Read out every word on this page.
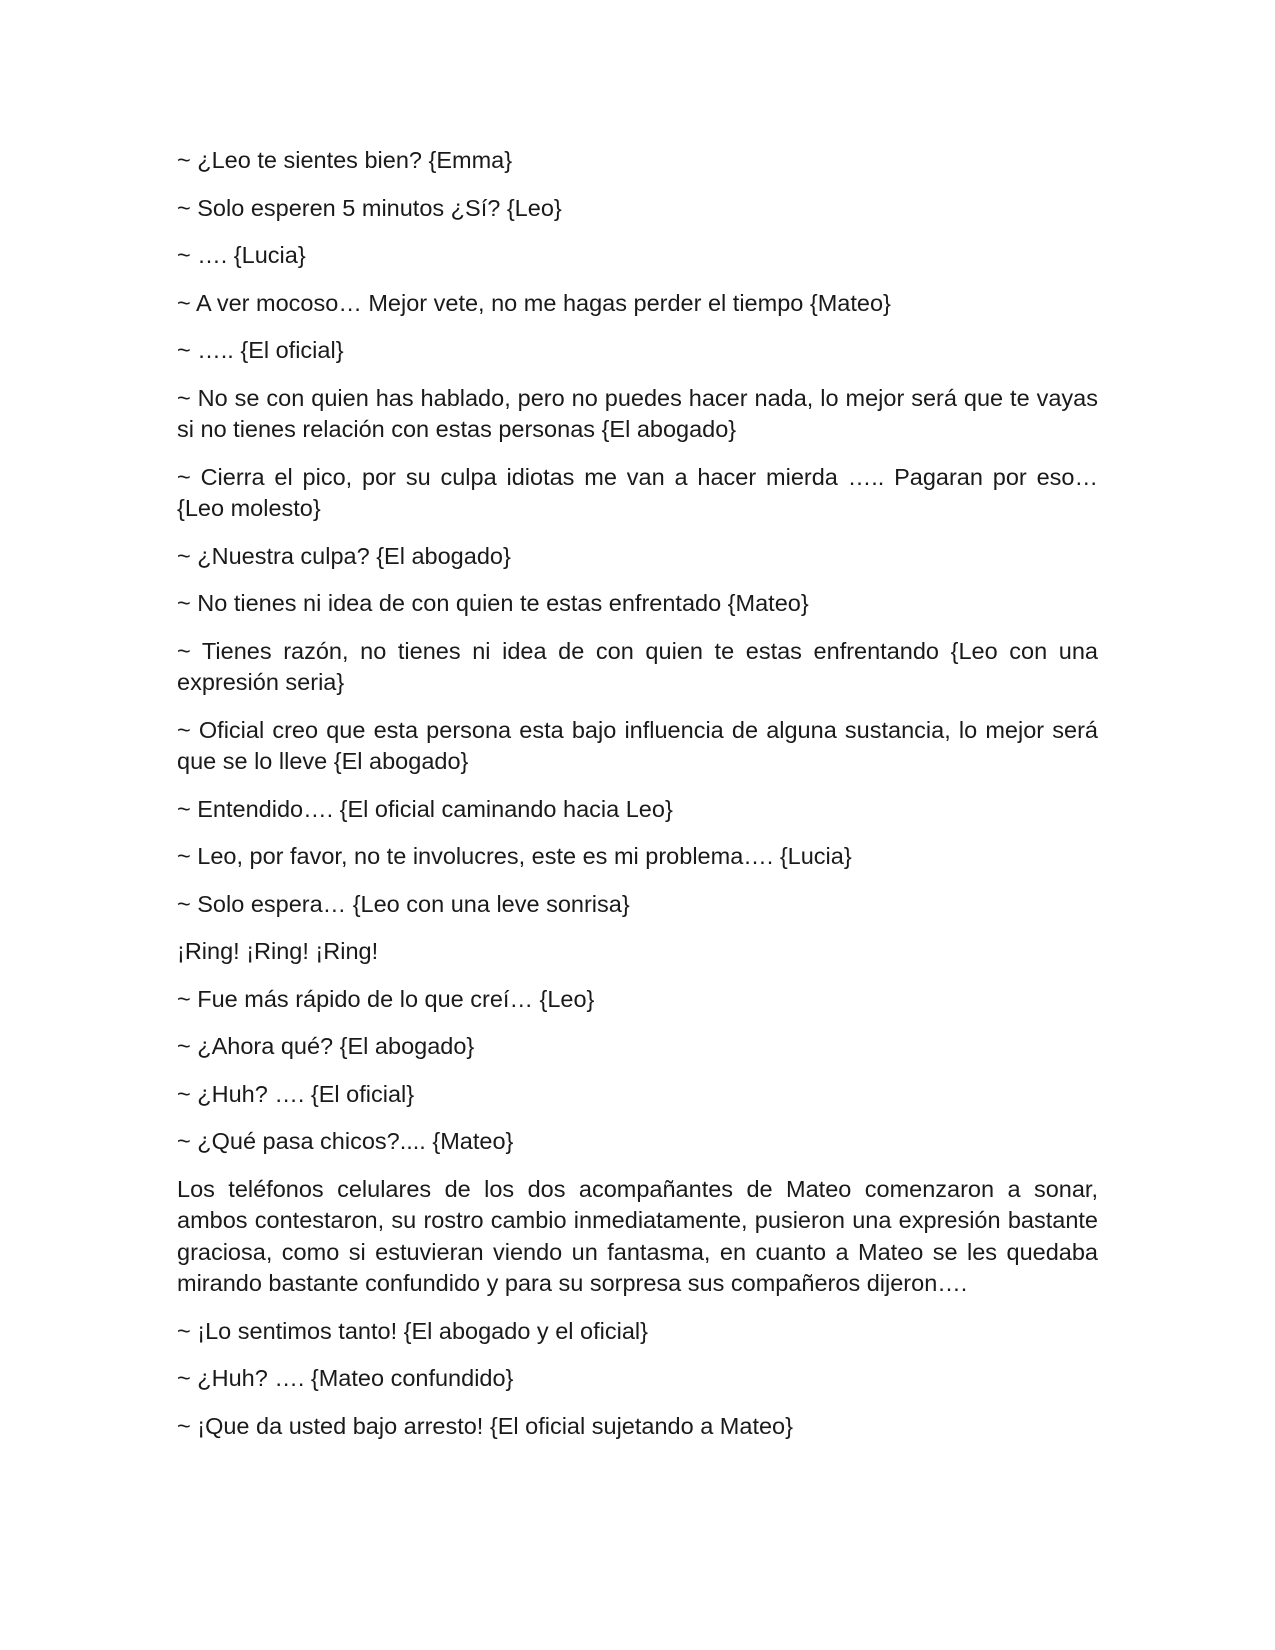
~ ¿Leo te sientes bien? {Emma}

~ Solo esperen 5 minutos ¿Sí? {Leo}

~ …. {Lucia}

~ A ver mocoso… Mejor vete, no me hagas perder el tiempo {Mateo}

~ ….. {El oficial}

~ No se con quien has hablado, pero no puedes hacer nada, lo mejor será que te vayas si no tienes relación con estas personas {El abogado}

~ Cierra el pico, por su culpa idiotas me van a hacer mierda ….. Pagaran por eso… {Leo molesto}

~ ¿Nuestra culpa? {El abogado}

~ No tienes ni idea de con quien te estas enfrentado {Mateo}

~ Tienes razón, no tienes ni idea de con quien te estas enfrentando {Leo con una expresión seria}

~ Oficial creo que esta persona esta bajo influencia de alguna sustancia, lo mejor será que se lo lleve {El abogado}

~ Entendido…. {El oficial caminando hacia Leo}

~ Leo, por favor, no te involucres, este es mi problema…. {Lucia}

~ Solo espera… {Leo con una leve sonrisa}

¡Ring! ¡Ring! ¡Ring!

~ Fue más rápido de lo que creí… {Leo}

~ ¿Ahora qué? {El abogado}

~ ¿Huh? …. {El oficial}

~ ¿Qué pasa chicos?.... {Mateo}

Los teléfonos celulares de los dos acompañantes de Mateo comenzaron a sonar, ambos contestaron, su rostro cambio inmediatamente, pusieron una expresión bastante graciosa, como si estuvieran viendo un fantasma, en cuanto a Mateo se les quedaba mirando bastante confundido y para su sorpresa sus compañeros dijeron….

~ ¡Lo sentimos tanto! {El abogado y el oficial}

~ ¿Huh? …. {Mateo confundido}

~ ¡Que da usted bajo arresto! {El oficial sujetando a Mateo}
